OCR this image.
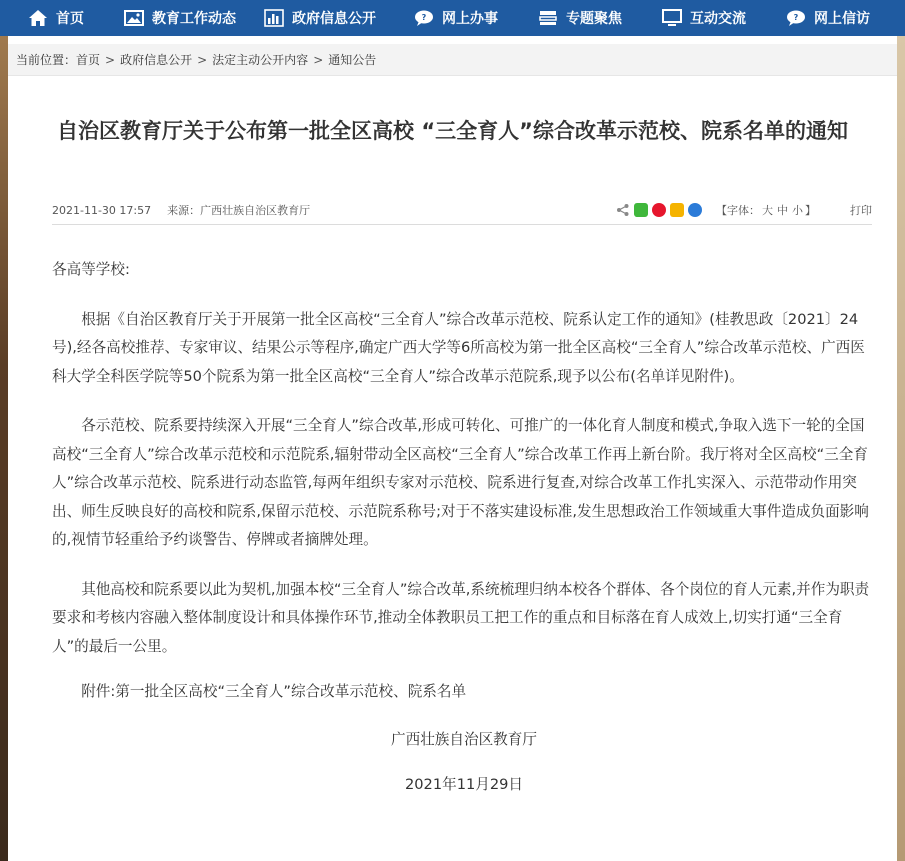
首页	教育工作动态	政府信息公开	? 网上办事	专题聚焦	互动交流	? 网上信访
当前位置： 首页 > 政府信息公开 > 法定主动公开内容 > 通知公告
自治区教育厅关于公布第一批全区高校 “三全育人”综合改革示范校、院系名单的通知
2021-11-30 17:57 来源：广西壮族自治区教育厅	【字体： 大 中 小 】	打印

各高等学校:

根据《自治区教育厅关于开展第一批全区高校“三全育人”综合改革示范校、院系认定工作的通知》(桂教思政〔2021〕24号),经各高校推荐、专家审议、结果公示等程序,确定广西大学等6所高校为第一批全区高校“三全育人”综合改革示范校、广西医科大学全科医学院等50个院系为第一批全区高校“三全育人”综合改革示范院系,现予以公布(名单详见附件)。

各示范校、院系要持续深入开展“三全育人”综合改革,形成可转化、可推广的一体化育人制度和模式,争取入选下一轮的全国高校“三全育人”综合改革示范校和示范院系,辐射带动全区高校“三全育人”综合改革工作再上新台阶。我厅将对全区高校“三全育人”综合改革示范校、院系进行动态监管,每两年组织专家对示范校、院系进行复查,对综合改革工作扎实深入、示范带动作用突出、师生反映良好的高校和院系,保留示范校、示范院系称号;对于不落实建设标准,发生思想政治工作领域重大事件造成负面影响的,视情节轻重给予约谈警告、停牌或者摘牌处理。

其他高校和院系要以此为契机,加强本校“三全育人”综合改革,系统梳理归纳本校各个群体、各个岗位的育人元素,并作为职责要求和考核内容融入整体制度设计和具体操作环节,推动全体教职员工把工作的重点和目标落在育人成效上,切实打通“三全育人”的最后一公里。

附件:第一批全区高校“三全育人”综合改革示范校、院系名单

广西壮族自治区教育厅

2021年11月29日
